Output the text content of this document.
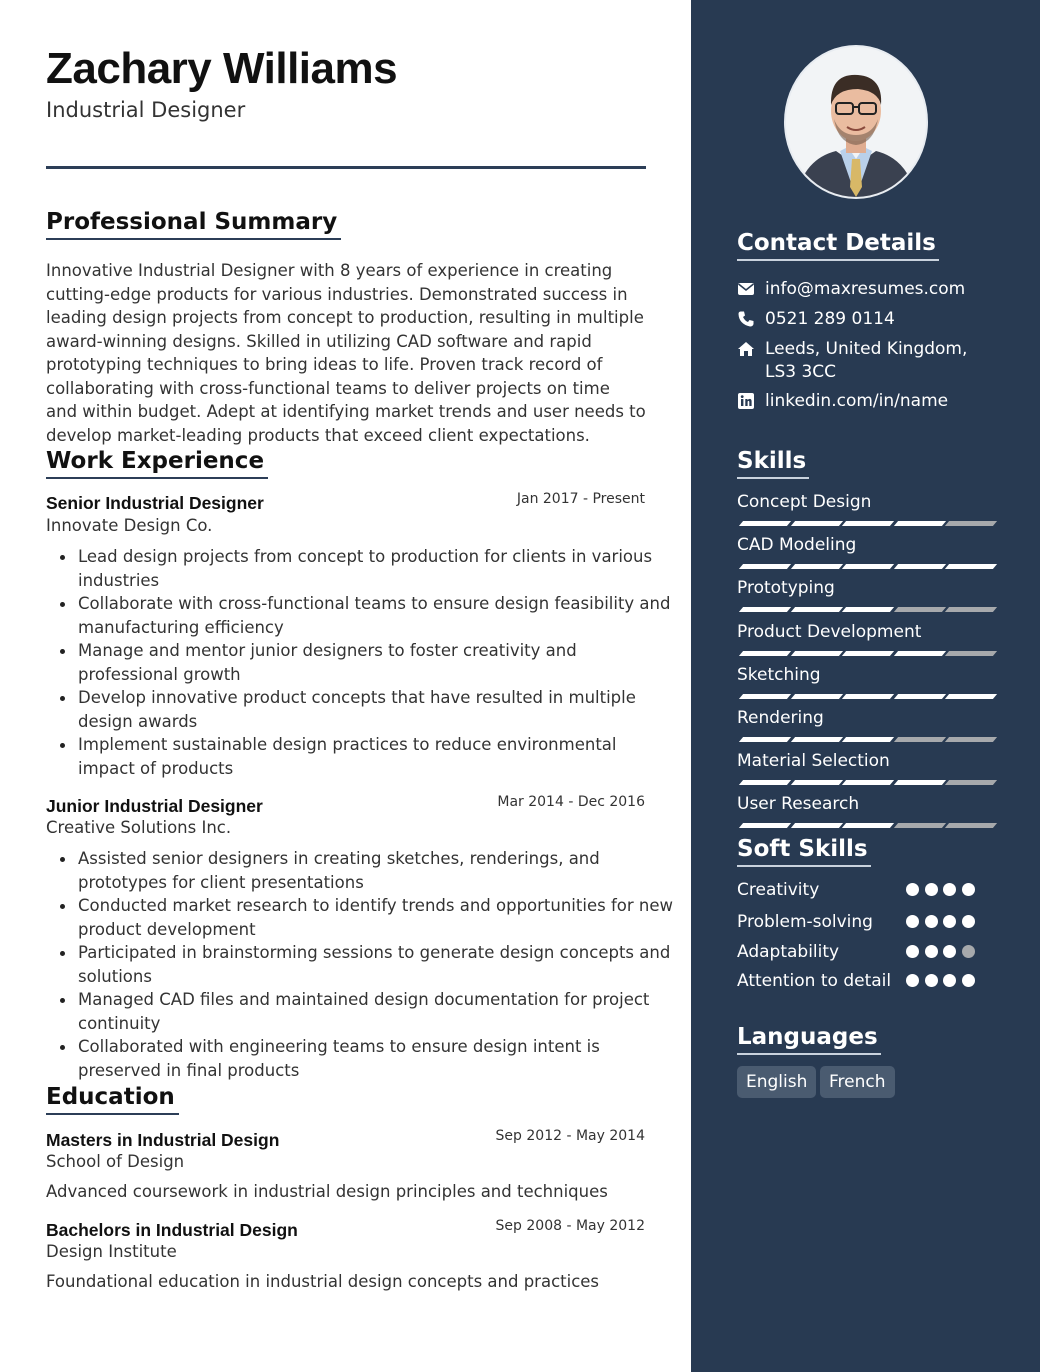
Zachary Williams
Industrial Designer
Professional Summary
Innovative Industrial Designer with 8 years of experience in creating cutting-edge products for various industries. Demonstrated success in leading design projects from concept to production, resulting in multiple award-winning designs. Skilled in utilizing CAD software and rapid prototyping techniques to bring ideas to life. Proven track record of collaborating with cross-functional teams to deliver projects on time and within budget. Adept at identifying market trends and user needs to develop market-leading products that exceed client expectations.
Work Experience
Senior Industrial Designer	Jan 2017 - Present
Innovate Design Co.
Lead design projects from concept to production for clients in various industries
Collaborate with cross-functional teams to ensure design feasibility and manufacturing efficiency
Manage and mentor junior designers to foster creativity and professional growth
Develop innovative product concepts that have resulted in multiple design awards
Implement sustainable design practices to reduce environmental impact of products
Junior Industrial Designer	Mar 2014 - Dec 2016
Creative Solutions Inc.
Assisted senior designers in creating sketches, renderings, and prototypes for client presentations
Conducted market research to identify trends and opportunities for new product development
Participated in brainstorming sessions to generate design concepts and solutions
Managed CAD files and maintained design documentation for project continuity
Collaborated with engineering teams to ensure design intent is preserved in final products
Education
Masters in Industrial Design	Sep 2012 - May 2014
School of Design
Advanced coursework in industrial design principles and techniques
Bachelors in Industrial Design	Sep 2008 - May 2012
Design Institute
Foundational education in industrial design concepts and practices
Contact Details
info@maxresumes.com
0521 289 0114
Leeds, United Kingdom, LS3 3CC
linkedin.com/in/name
Skills
Concept Design
CAD Modeling
Prototyping
Product Development
Sketching
Rendering
Material Selection
User Research
Soft Skills
Creativity
Problem-solving
Adaptability
Attention to detail
Languages
English	French
